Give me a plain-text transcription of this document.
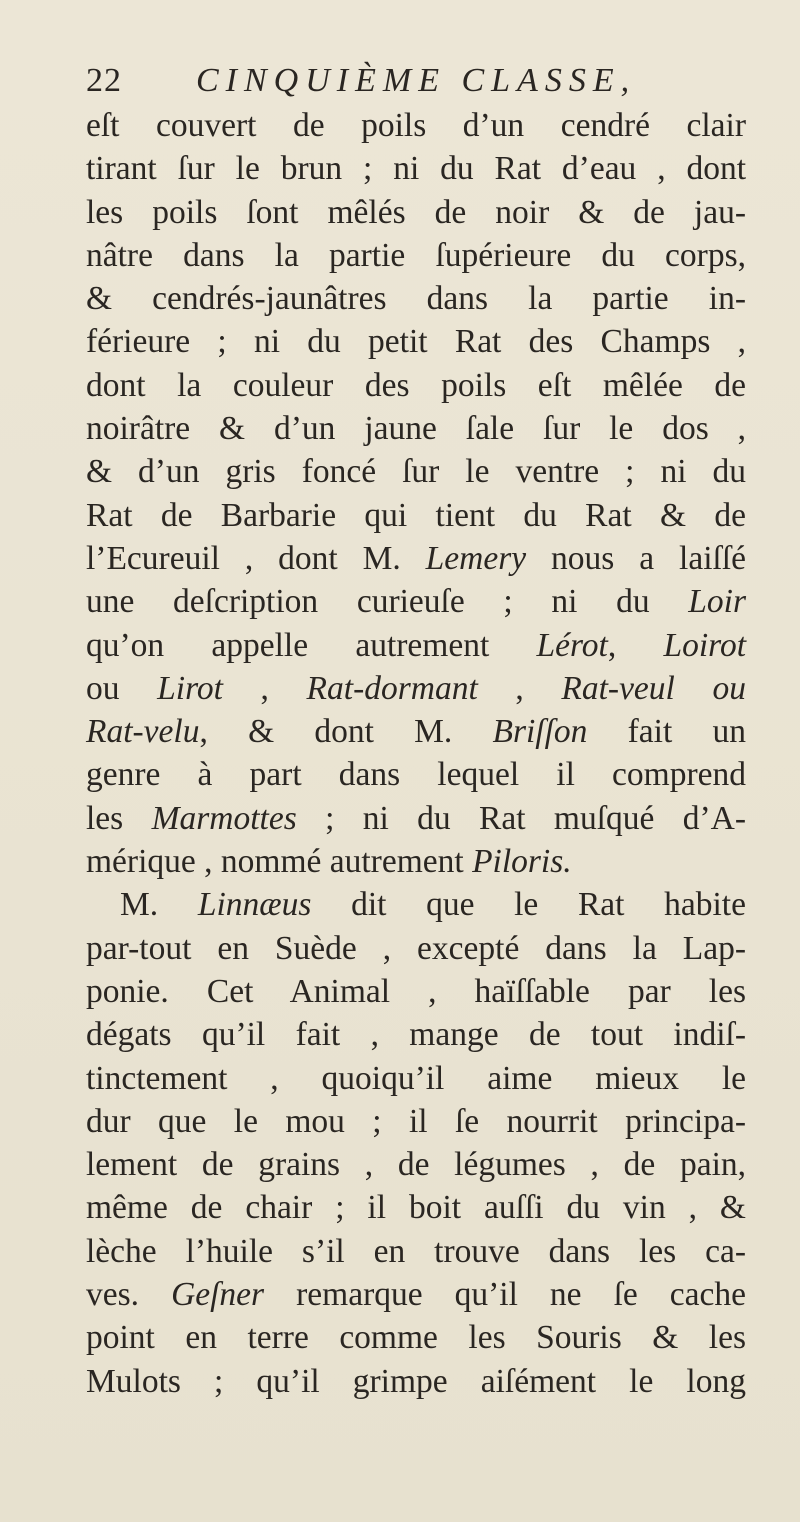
22 CINQUIÈME CLASSE,
eſt couvert de poils d’un cendré clair
tirant ſur le brun ; ni du Rat d’eau , dont
les poils ſont mêlés de noir & de jau-
nâtre dans la partie ſupérieure du corps,
& cendrés-jaunâtres dans la partie in-
férieure ; ni du petit Rat des Champs ,
dont la couleur des poils eſt mêlée de
noirâtre & d’un jaune ſale ſur le dos ,
& d’un gris foncé ſur le ventre ; ni du
Rat de Barbarie qui tient du Rat & de
l’Ecureuil , dont M. Lemery nous a laiſſé
une deſcription curieuſe ; ni du Loir
qu’on appelle autrement Lérot, Loirot
ou Lirot , Rat-dormant , Rat-veul ou
Rat-velu, & dont M. Briſſon fait un
genre à part dans lequel il comprend
les Marmottes ; ni du Rat muſqué d’A-
mérique , nommé autrement Piloris.
M. Linnæus dit que le Rat habite
par-tout en Suède , excepté dans la Lap-
ponie. Cet Animal , haïſſable par les
dégats qu’il fait , mange de tout indiſ-
tinctement , quoiqu’il aime mieux le
dur que le mou ; il ſe nourrit principa-
lement de grains , de légumes , de pain,
même de chair ; il boit auſſi du vin , &
lèche l’huile s’il en trouve dans les ca-
ves. Geſner remarque qu’il ne ſe cache
point en terre comme les Souris & les
Mulots ; qu’il grimpe aiſément le long
